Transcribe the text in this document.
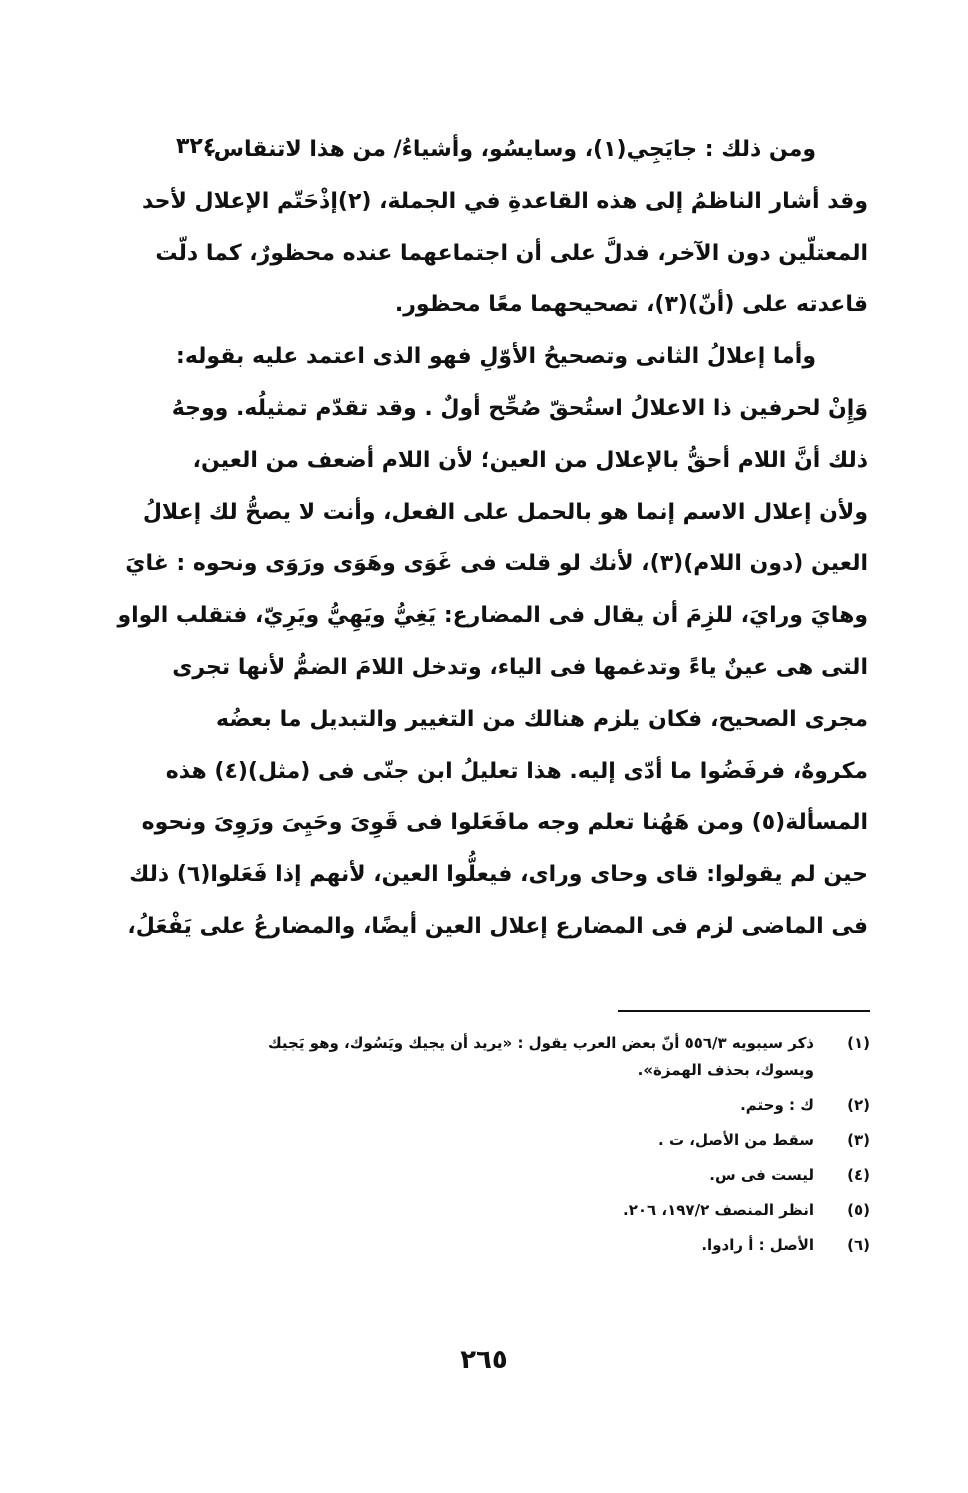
٣٢٤
ومن ذلك : جايَجِي(١)، وسايسُو، وأشياءُ/ من هذا لاتنقاس.
وقد أشار الناظمُ إلى هذه القاعدةِ في الجملة، (٢)إذْحَتّم الإعلال لأحد
المعتلّين دون الآخر، فدلَّ على أن اجتماعهما عنده محظورٌ، كما دلّت
قاعدته على (أنّ)(٣)، تصحيحهما معًا محظور.
وأما إعلالُ الثانى وتصحيحُ الأوّلِ فهو الذى اعتمد عليه بقوله:
وَإِنْ لحرفين ذا الاعلالُ استُحقّ صُحِّح أولٌ . وقد تقدّم تمثيلُه. ووجهُ
ذلك أنَّ اللام أحقُّ بالإعلال من العين؛ لأن اللام أضعف من العين،
ولأن إعلال الاسم إنما هو بالحمل على الفعل، وأنت لا يصحُّ لك إعلالُ
العين (دون اللام)(٣)، لأنك لو قلت فى غَوَى وهَوَى ورَوَى ونحوه : غايَ
وهايَ ورايَ، للزِمَ أن يقال فى المضارع: يَغِيُّ ويَهِيُّ ويَرِيّ، فتقلب الواو
التى هى عينٌ ياءً وتدغمها فى الياء، وتدخل اللامَ الضمُّ لأنها تجرى
مجرى الصحيح، فكان يلزم هنالك من التغيير والتبديل ما بعضُه
مكروهٌ، فرفَضُوا ما أدّى إليه. هذا تعليلُ ابن جنّى فى (مثل)(٤) هذه
المسألة(٥) ومن هَهُنا تعلم وجه مافَعَلوا فى قَوِىَ وحَيِىَ ورَوِىَ ونحوه
حين لم يقولوا: قاى وحاى وراى، فيعلُّوا العين، لأنهم إذا فَعَلوا(٦) ذلك
فى الماضى لزم فى المضارع إعلال العين أيضًا، والمضارعُ على يَفْعَلُ،
(١)
ذكر سيبويه ٥٥٦/٣ أنّ بعض العرب يقول : «يريد أن يجيك ويَسُوك، وهو يَجيك ويسوك، بحذف الهمزة».
(٢)
ك : وحتم.
(٣)
سقط من الأصل، ت .
(٤)
ليست فى س.
(٥)
انظر المنصف ١٩٧/٢، ٢٠٦.
(٦)
الأصل : أ رادوا.
٢٦٥
